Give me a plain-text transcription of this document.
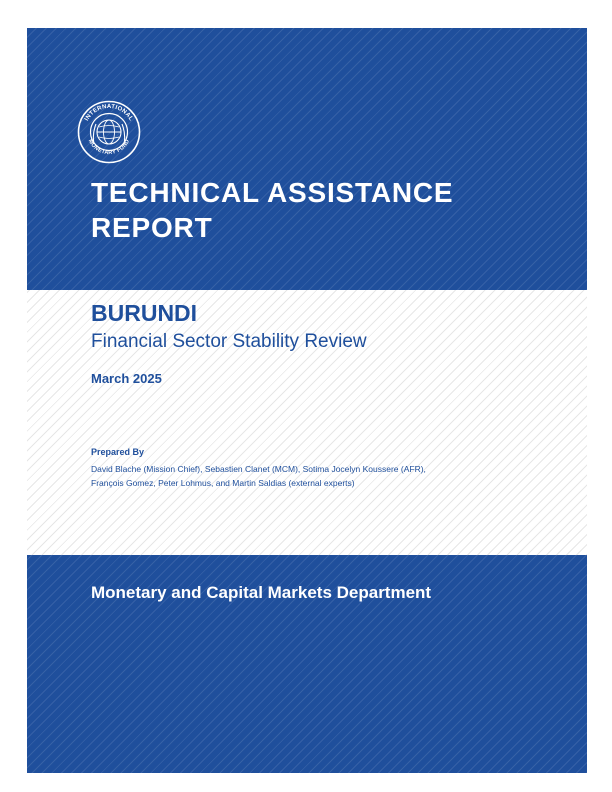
INTERNATIONAL
MONETARY FUND
TECHNICAL ASSISTANCE REPORT
BURUNDI

Financial Sector Stability Review

March 2025

Prepared By

David Blache (Mission Chief), Sebastien Clanet (MCM), Sotima Jocelyn Koussere (AFR),
François Gomez, Peter Lohmus, and Martin Saldias (external experts)

Monetary and Capital Markets Department
